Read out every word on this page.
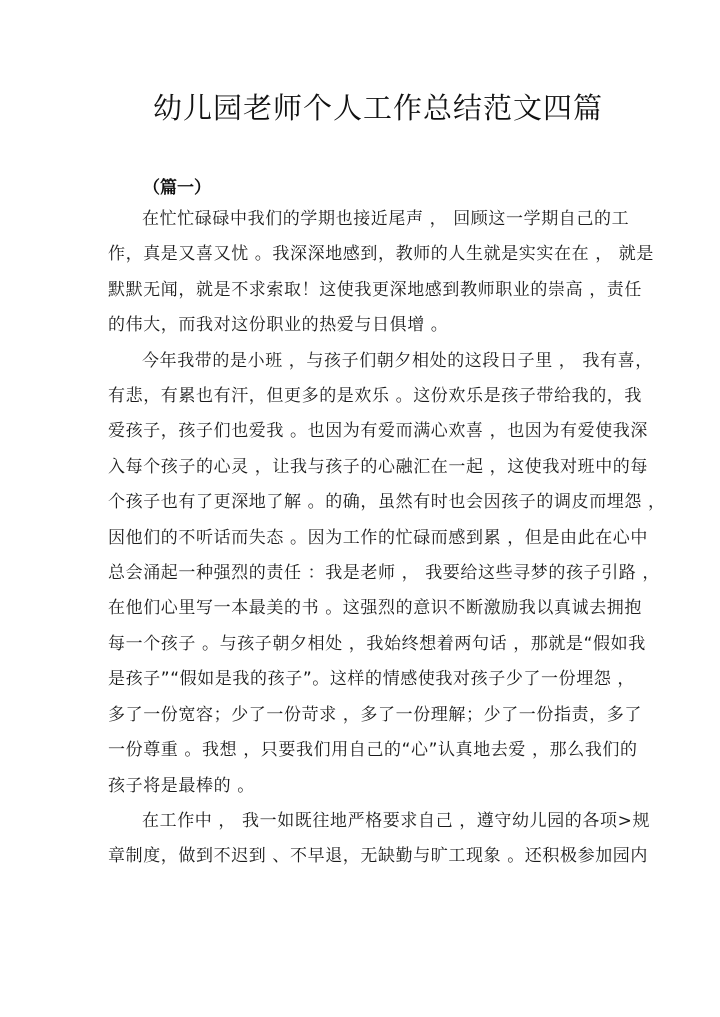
幼儿园老师个人工作总结范文四篇
（篇一）
在忙忙碌碌中我们的学期也接近尾声 ， 回顾这一学期自己的工
作，真是又喜又忧 。我深深地感到，教师的人生就是实实在在 ， 就是
默默无闻，就是不求索取！这使我更深地感到教师职业的崇高 ，责任
的伟大，而我对这份职业的热爱与日俱增 。
今年我带的是小班 ，与孩子们朝夕相处的这段日子里 ， 我有喜，
有悲，有累也有汗，但更多的是欢乐 。这份欢乐是孩子带给我的，我
爱孩子，孩子们也爱我 。也因为有爱而满心欢喜 ，也因为有爱使我深
入每个孩子的心灵 ，让我与孩子的心融汇在一起 ，这使我对班中的每
个孩子也有了更深地了解 。的确，虽然有时也会因孩子的调皮而埋怨 ，
因他们的不听话而失态 。因为工作的忙碌而感到累 ，但是由此在心中
总会涌起一种强烈的责任 ：我是老师 ， 我要给这些寻梦的孩子引路 ，
在他们心里写一本最美的书 。这强烈的意识不断激励我以真诚去拥抱
每一个孩子 。与孩子朝夕相处 ，我始终想着两句话 ，那就是“假如我
是孩子”“假如是我的孩子”。这样的情感使我对孩子少了一份埋怨 ，
多了一份宽容；少了一份苛求 ，多了一份理解；少了一份指责，多了
一份尊重 。我想 ，只要我们用自己的“心”认真地去爱 ，那么我们的
孩子将是最棒的 。
在工作中 ， 我一如既往地严格要求自己 ，遵守幼儿园的各项>规
章制度，做到不迟到 、不早退，无缺勤与旷工现象 。还积极参加园内
